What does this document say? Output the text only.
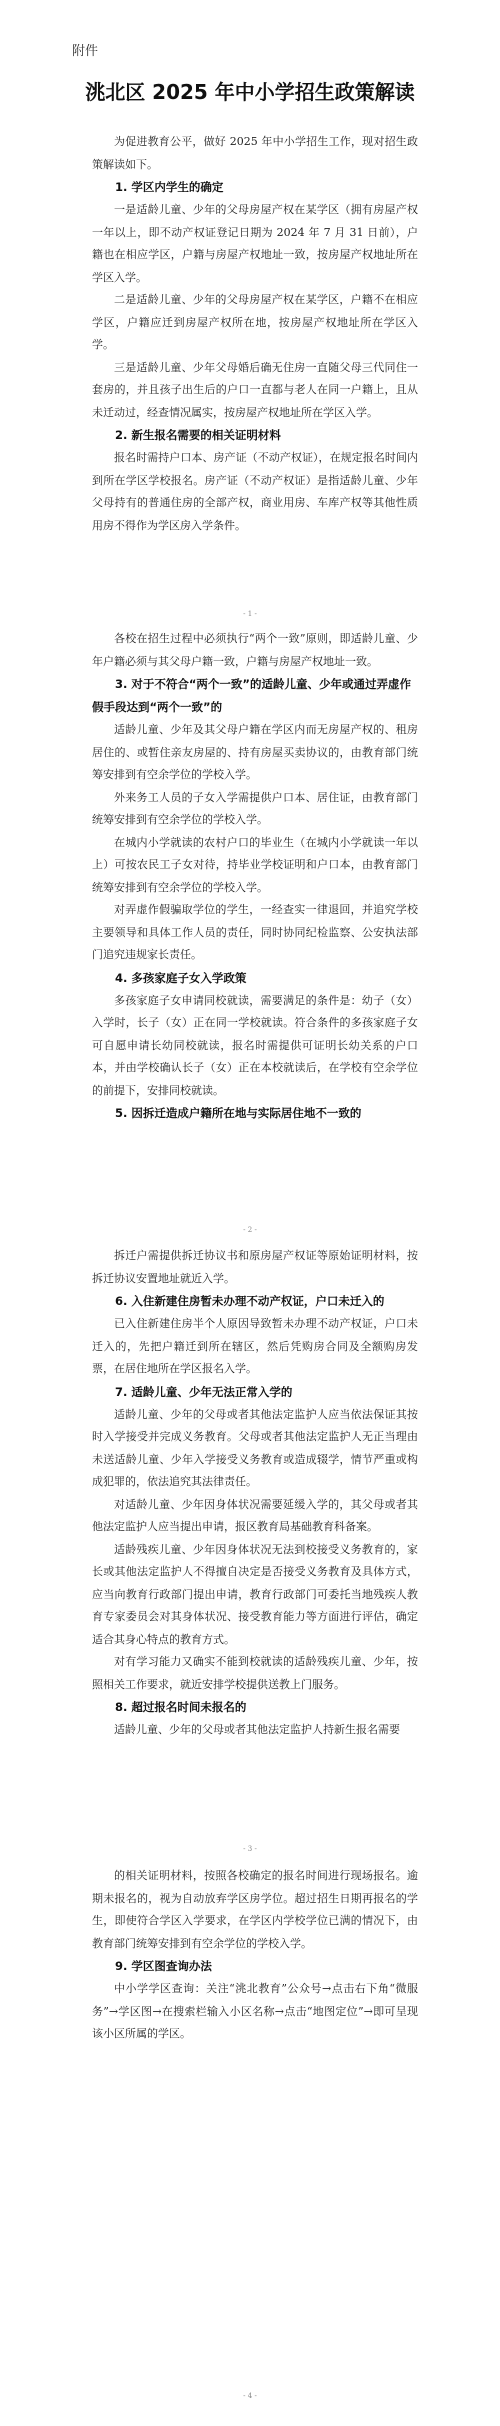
附件
洮北区 2025 年中小学招生政策解读

为促进教育公平，做好 2025 年中小学招生工作，现对招生政策解读如下。

1. 学区内学生的确定

一是适龄儿童、少年的父母房屋产权在某学区（拥有房屋产权一年以上，即不动产权证登记日期为 2024 年 7 月 31 日前），户籍也在相应学区，户籍与房屋产权地址一致，按房屋产权地址所在学区入学。

二是适龄儿童、少年的父母房屋产权在某学区，户籍不在相应学区，户籍应迁到房屋产权所在地，按房屋产权地址所在学区入学。

三是适龄儿童、少年父母婚后确无住房一直随父母三代同住一套房的，并且孩子出生后的户口一直都与老人在同一户籍上，且从未迁动过，经查情况属实，按房屋产权地址所在学区入学。

2. 新生报名需要的相关证明材料

报名时需持户口本、房产证（不动产权证），在规定报名时间内到所在学区学校报名。房产证（不动产权证）是指适龄儿童、少年父母持有的普通住房的全部产权，商业用房、车库产权等其他性质用房不得作为学区房入学条件。

- 1 -

各校在招生过程中必须执行“两个一致”原则，即适龄儿童、少年户籍必须与其父母户籍一致，户籍与房屋产权地址一致。

3. 对于不符合“两个一致”的适龄儿童、少年或通过弄虚作假手段达到“两个一致”的

适龄儿童、少年及其父母户籍在学区内而无房屋产权的、租房居住的、或暂住亲友房屋的、持有房屋买卖协议的，由教育部门统筹安排到有空余学位的学校入学。

外来务工人员的子女入学需提供户口本、居住证，由教育部门统筹安排到有空余学位的学校入学。

在城内小学就读的农村户口的毕业生（在城内小学就读一年以上）可按农民工子女对待，持毕业学校证明和户口本，由教育部门统筹安排到有空余学位的学校入学。

对弄虚作假骗取学位的学生，一经查实一律退回，并追究学校主要领导和具体工作人员的责任，同时协同纪检监察、公安执法部门追究违规家长责任。

4. 多孩家庭子女入学政策

多孩家庭子女申请同校就读，需要满足的条件是：幼子（女）入学时，长子（女）正在同一学校就读。符合条件的多孩家庭子女可自愿申请长幼同校就读，报名时需提供可证明长幼关系的户口本，并由学校确认长子（女）正在本校就读后，在学校有空余学位的前提下，安排同校就读。

5. 因拆迁造成户籍所在地与实际居住地不一致的

- 2 -

拆迁户需提供拆迁协议书和原房屋产权证等原始证明材料，按拆迁协议安置地址就近入学。

6. 入住新建住房暂未办理不动产权证，户口未迁入的

已入住新建住房半个人原因导致暂未办理不动产权证，户口未迁入的，先把户籍迁到所在辖区，然后凭购房合同及全额购房发票，在居住地所在学区报名入学。

7. 适龄儿童、少年无法正常入学的

适龄儿童、少年的父母或者其他法定监护人应当依法保证其按时入学接受并完成义务教育。父母或者其他法定监护人无正当理由未送适龄儿童、少年入学接受义务教育或造成辍学，情节严重或构成犯罪的，依法追究其法律责任。

对适龄儿童、少年因身体状况需要延缓入学的，其父母或者其他法定监护人应当提出申请，报区教育局基础教育科备案。

适龄残疾儿童、少年因身体状况无法到校接受义务教育的，家长或其他法定监护人不得擅自决定是否接受义务教育及具体方式，应当向教育行政部门提出申请，教育行政部门可委托当地残疾人教育专家委员会对其身体状况、接受教育能力等方面进行评估，确定适合其身心特点的教育方式。

对有学习能力又确实不能到校就读的适龄残疾儿童、少年，按照相关工作要求，就近安排学校提供送教上门服务。

8. 超过报名时间未报名的

适龄儿童、少年的父母或者其他法定监护人持新生报名需要

- 3 -

的相关证明材料，按照各校确定的报名时间进行现场报名。逾期未报名的，视为自动放弃学区房学位。超过招生日期再报名的学生，即使符合学区入学要求，在学区内学校学位已满的情况下，由教育部门统筹安排到有空余学位的学校入学。

9. 学区图查询办法

中小学学区查询：关注“洮北教育”公众号→点击右下角“微服务”→学区图→在搜索栏输入小区名称→点击“地图定位”→即可呈现该小区所属的学区。

- 4 -
